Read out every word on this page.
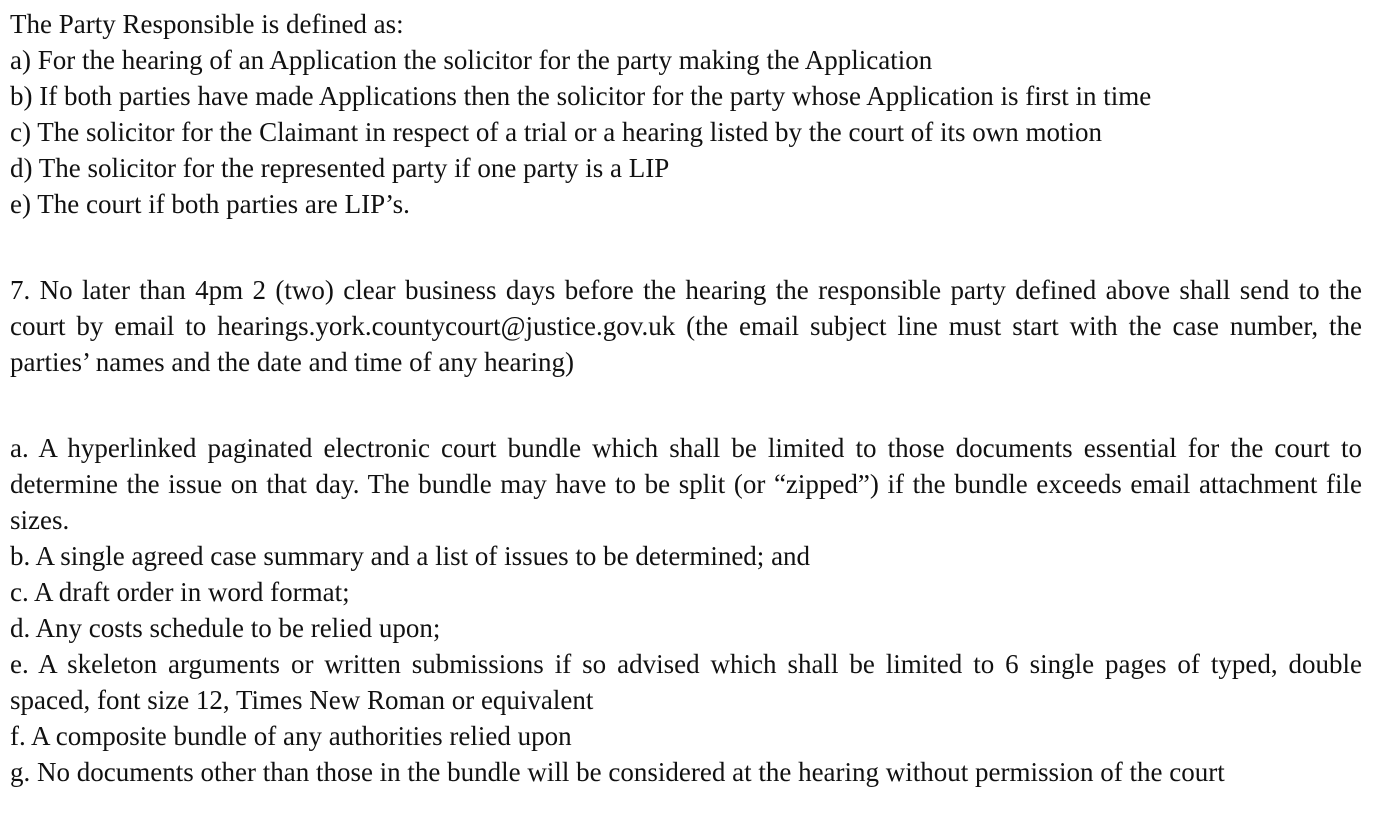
The Party Responsible is defined as:
a) For the hearing of an Application the solicitor for the party making the Application
b) If both parties have made Applications then the solicitor for the party whose Application is first in time
c) The solicitor for the Claimant in respect of a trial or a hearing listed by the court of its own motion
d) The solicitor for the represented party if one party is a LIP
e) The court if both parties are LIP’s.
7. No later than 4pm 2 (two) clear business days before the hearing the responsible party defined above shall send to the court by email to hearings.york.countycourt@justice.gov.uk (the email subject line must start with the case number, the parties’ names and the date and time of any hearing)
a. A hyperlinked paginated electronic court bundle which shall be limited to those documents essential for the court to determine the issue on that day. The bundle may have to be split (or “zipped”) if the bundle exceeds email attachment file sizes.
b. A single agreed case summary and a list of issues to be determined; and
c. A draft order in word format;
d. Any costs schedule to be relied upon;
e. A skeleton arguments or written submissions if so advised which shall be limited to 6 single pages of typed, double spaced, font size 12, Times New Roman or equivalent
f. A composite bundle of any authorities relied upon
g. No documents other than those in the bundle will be considered at the hearing without permission of the court
